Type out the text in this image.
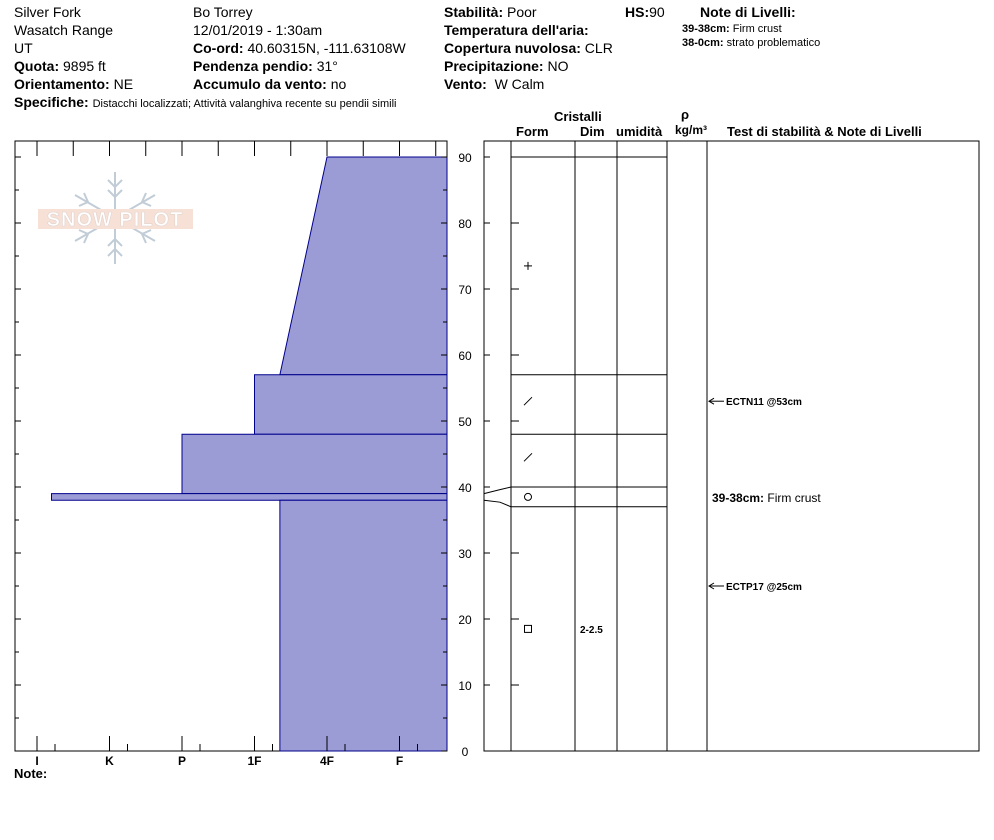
Silver Fork
Wasatch Range
UT
Quota: 9895 ft
Orientamento: NE
Specifiche: Distacchi localizzati; Attività valanghiva recente su pendii simili
Bo Torrey
12/01/2019 - 1:30am
Co-ord: 40.60315N, -111.63108W
Pendenza pendio: 31°
Accumulo da vento: no
Stabilità: Poor
Temperatura dell'aria:
Copertura nuvolosa: CLR
Precipitazione: NO
Vento: W Calm
HS:90	Note di Livelli:
39-38cm: Firm crust
38-0cm: strato problematico
Cristalli
Form Dim umidità
ρ
kg/m³ Test di stabilità & Note di Livelli
Note:
SNOW PILOT
0
10
20
30
40
50
60
70
80
90
I	K	P	1F	4F	F
2-2.5
ECTN11 @53cm
ECTP17 @25cm
39-38cm: Firm crust
